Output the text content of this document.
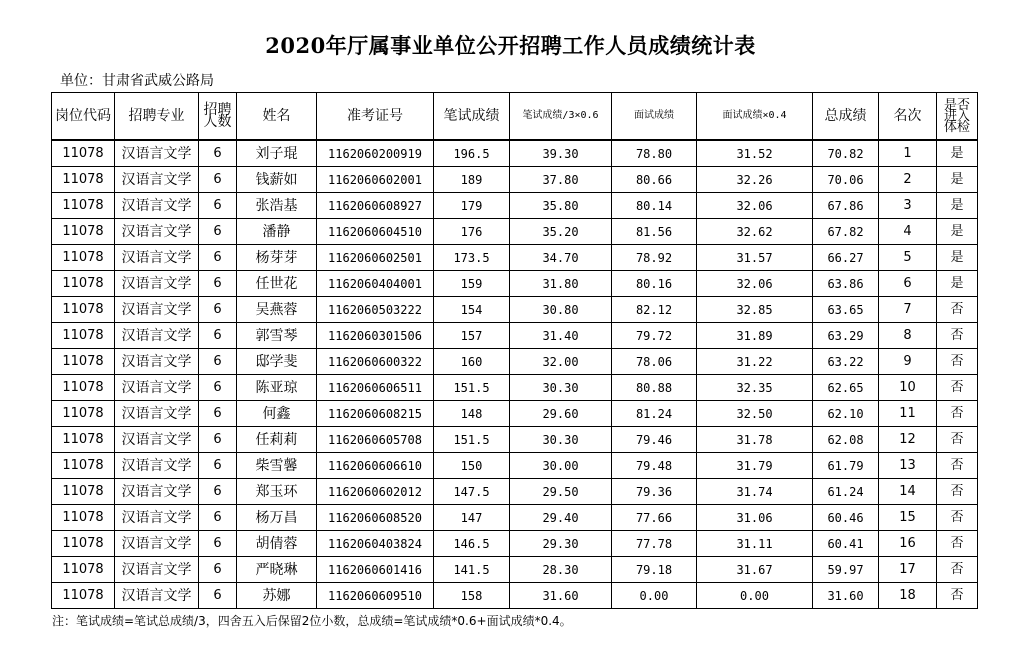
2020年厅属事业单位公开招聘工作人员成绩统计表
单位：甘肃省武威公路局
岗位代码	招聘专业	招聘人数	姓名	准考证号	笔试成绩	笔试成绩/3×0.6	面试成绩	面试成绩×0.4	总成绩	名次	是否进入体检
11078	汉语言文学	6	刘子琨	1162060200919	196.5	39.30	78.80	31.52	70.82	1	是
11078	汉语言文学	6	钱薪如	1162060602001	189	37.80	80.66	32.26	70.06	2	是
11078	汉语言文学	6	张浩基	1162060608927	179	35.80	80.14	32.06	67.86	3	是
11078	汉语言文学	6	潘静	1162060604510	176	35.20	81.56	32.62	67.82	4	是
11078	汉语言文学	6	杨芽芽	1162060602501	173.5	34.70	78.92	31.57	66.27	5	是
11078	汉语言文学	6	任世花	1162060404001	159	31.80	80.16	32.06	63.86	6	是
11078	汉语言文学	6	吴燕蓉	1162060503222	154	30.80	82.12	32.85	63.65	7	否
11078	汉语言文学	6	郭雪琴	1162060301506	157	31.40	79.72	31.89	63.29	8	否
11078	汉语言文学	6	邸学斐	1162060600322	160	32.00	78.06	31.22	63.22	9	否
11078	汉语言文学	6	陈亚琼	1162060606511	151.5	30.30	80.88	32.35	62.65	10	否
11078	汉语言文学	6	何鑫	1162060608215	148	29.60	81.24	32.50	62.10	11	否
11078	汉语言文学	6	任莉莉	1162060605708	151.5	30.30	79.46	31.78	62.08	12	否
11078	汉语言文学	6	柴雪馨	1162060606610	150	30.00	79.48	31.79	61.79	13	否
11078	汉语言文学	6	郑玉环	1162060602012	147.5	29.50	79.36	31.74	61.24	14	否
11078	汉语言文学	6	杨万昌	1162060608520	147	29.40	77.66	31.06	60.46	15	否
11078	汉语言文学	6	胡倩蓉	1162060403824	146.5	29.30	77.78	31.11	60.41	16	否
11078	汉语言文学	6	严晓琳	1162060601416	141.5	28.30	79.18	31.67	59.97	17	否
11078	汉语言文学	6	苏娜	1162060609510	158	31.60	0.00	0.00	31.60	18	否
注：笔试成绩=笔试总成绩/3，四舍五入后保留2位小数，总成绩=笔试成绩*0.6+面试成绩*0.4。
